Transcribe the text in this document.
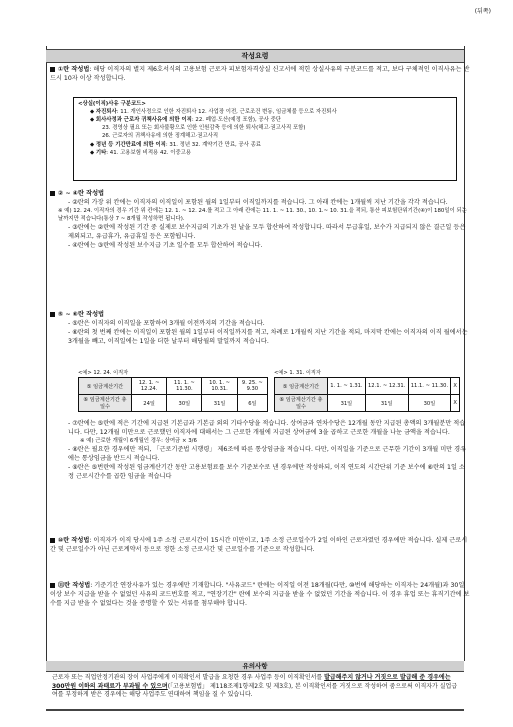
(뒤쪽)
작성요령
①란 작성법: 해당 이직자의 별지 제6호서식의 고용보험 근로자 피보험자격상실 신고서에 적힌 상실사유의 구분코드를 적고, 보다 구체적인 이직사유는 반드시 10자 이상 작성합니다.
<상실(이직)사유 구분코드>
◆ 자진퇴사: 11. 개인사정으로 인한 자진퇴사 12. 사업장 이전, 근로조건 변동, 임금체불 등으로 자진퇴사
◆ 회사사정과 근로자 귀책사유에 의한 이직: 22. 폐업·도산(예정 포함), 공사 중단
23. 경영상 필요 또는 회사불황으로 인한 인원감축 등에 의한 퇴사(해고·권고사직 포함)
26. 근로자의 귀책사유에 의한 징계해고·권고사직
◆ 정년 등 기간만료에 의한 이직: 31. 정년 32. 계약기간 만료, 공사 종료
◆ 기타: 41. 고용보험 비적용 42. 이중고용
② ~ ④란 작성법
- ②란의 가장 위 칸에는 이직자의 이직일이 포함된 월의 1일부터 이직일까지를 적습니다. 그 아래 칸에는 1개월씩 지난 기간을 각각 적습니다.
※ 예) 12. 24. 이직자의 경우 기간 위 칸에는 12. 1. ~ 12. 24.를 적고 그 아래 칸에는 11. 1. ~ 11. 30., 10. 1.~ 10. 31.을 적되, 통산 피보험단위기간(④)이 180일이 되는 날까지만 적습니다(통상 7 ~ 8개월 작성하면 됩니다).
- ③란에는 ②란에 작성된 기간 중 실제로 보수지급의 기초가 된 날을 모두 합산하여 작성합니다. 따라서 무급휴일, 보수가 지급되지 않은 결근일 등은 제외되고, 유급휴가, 유급휴일 등은 포함됩니다.
- ④란에는 ③란에 작성된 보수지급 기초 일수를 모두 합산하여 적습니다.
⑤ ~ ⑥란 작성법
- ⑤란은 이직자의 이직일을 포함하여 3개월 이전까지의 기간을 적습니다.
- ⑥란의 첫 번째 칸에는 이직일이 포함된 월의 1일부터 이직일까지를 적고, 차례로 1개월씩 지난 기간을 적되, 마지막 칸에는 이직자의 이직 월에서는 3개월을 빼고, 이직일에는 1일을 더한 날부터 해당월의 말일까지 적습니다.
<예> 12. 24. 이직자	<예> 1. 31. 이직자
⑤ 임금계산기간	12. 1. ~ 12.24.	11. 1. ~ 11.30.	10. 1. ~ 10.31.	9. 25. ~ 9.30
⑥ 임금계산기간 총 일수	24일	30일	31일	6일
⑤ 임금계산기간	1. 1. ~ 1.31.	12.1. ~ 12.31.	11.1. ~ 11.30.	X
⑥ 임금계산기간 총 일수	31일	31일	30일	X
- ⑦란에는 ⑤란에 적은 기간에 지급된 기본급과 기본급 외의 기타수당을 적습니다. 상여금과 연차수당은 12개월 동안 지급된 총액의 3개월분만 적습니다. 다만, 12개월 미만으로 근로했던 이직자에 대해서는 그 근로한 개월에 지급된 상여금에 3을 곱하고 근로한 개월을 나눈 금액을 적습니다.
※ 예) 근로한 개월이 6개월인 경우: 상여금 × 3/6
- ⑧란은 필요한 경우에만 적되, 「근로기준법 시행령」 제6조에 따른 통상임금을 적습니다. 다만, 이직일을 기준으로 근무한 기간이 3개월 미만 경우에는 통상임금을 반드시 적습니다.
- ⑨란은 ⑤번란에 작성된 임금계산기간 동안 고용보험료를 보수 기준보수로 낸 경우에만 작성하되, 이직 연도의 시간단위 기준 보수에 ⑥란의 1일 소정 근로시간수를 곱한 임금을 적습니다
⑩란 작성법: 이직자가 이직 당시에 1주 소정 근로시간이 15시간 미만이고, 1주 소정 근로일수가 2일 이하인 근로자였던 경우에만 적습니다. 실제 근로시간 및 근로일수가 아닌 근로계약서 등으로 정한 소정 근로시간 및 근로일수를 기준으로 작성합니다.
⑪란 작성법: 기준기간 연장사유가 있는 경우에만 기재합니다. "사유코드" 란에는 이직일 이전 18개월(다만, ⑩번에 해당하는 이직자는 24개월)과 30일 이상 보수 지급을 받을 수 없었던 사유의 코드번호를 적고, "연장기간" 란에 보수의 지급을 받을 수 없었던 기간을 적습니다. 이 경우 휴업 또는 휴직기간에 보수를 지급 받을 수 없었다는 것을 증명할 수 있는 서류를 첨부해야 합니다.
유의사항
근로자 또는 직업안정기관의 장이 사업주에게 이직확인서 발급을 요청한 경우 사업주 등이 이직확인서를 발급해주지 않거나 거짓으로 발급해 준 경우에는 300만원 이하의 과태료가 부과될 수 있으며(「고용보험법」 제118조제1항제2호 및 제3호), 본 이직확인서를 거짓으로 작성하여 줌으로써 이직자가 실업급여를 부정하게 받은 경우에는 해당 사업주도 연대하여 책임을 질 수 있습니다.
